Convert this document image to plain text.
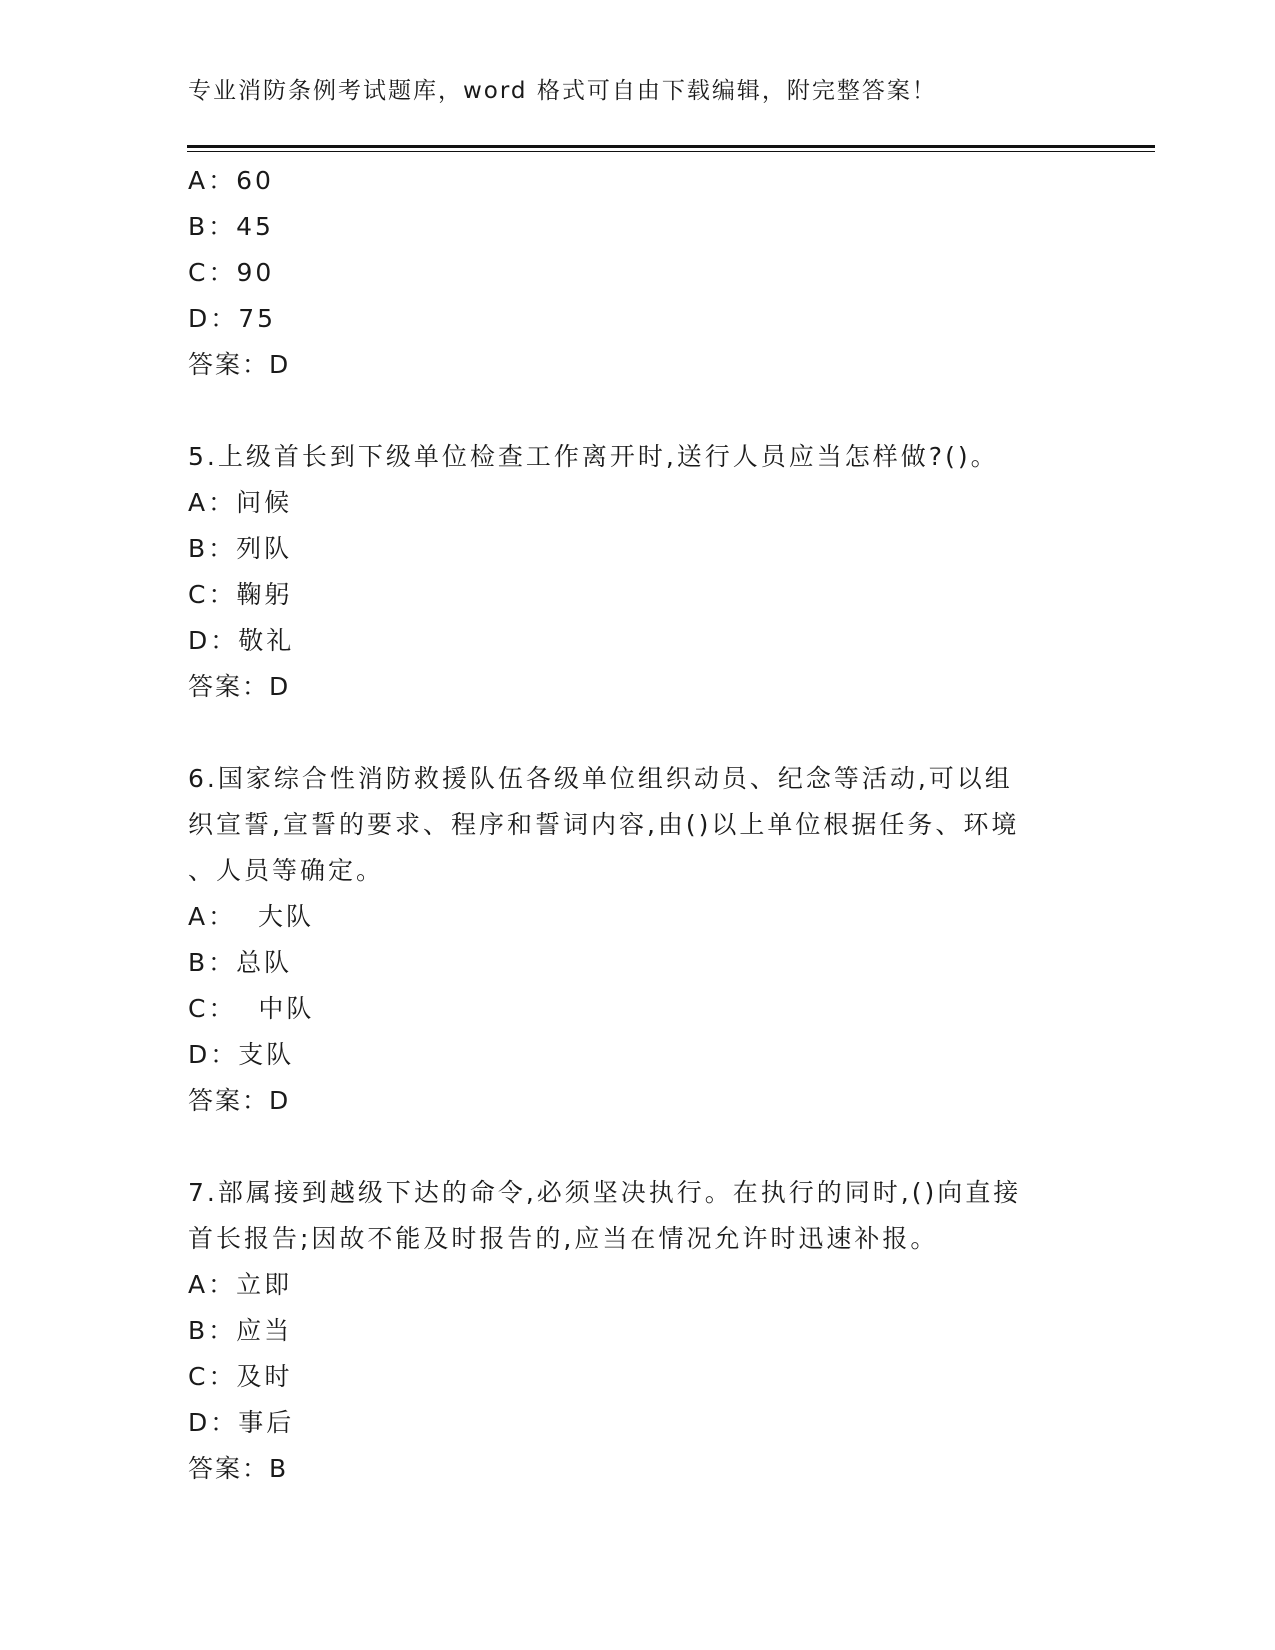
专业消防条例考试题库，word 格式可自由下载编辑，附完整答案！
A：60
B：45
C：90
D：75
答案：D
5.上级首长到下级单位检查工作离开时,送行人员应当怎样做?()。
A：问候
B：列队
C：鞠躬
D：敬礼
答案：D
6.国家综合性消防救援队伍各级单位组织动员、纪念等活动,可以组
织宣誓,宣誓的要求、程序和誓词内容,由()以上单位根据任务、环境
、人员等确定。
A：  大队
B：总队
C：  中队
D：支队
答案：D
7.部属接到越级下达的命令,必须坚决执行。在执行的同时,()向直接
首长报告;因故不能及时报告的,应当在情况允许时迅速补报。
A：立即
B：应当
C：及时
D：事后
答案：B
